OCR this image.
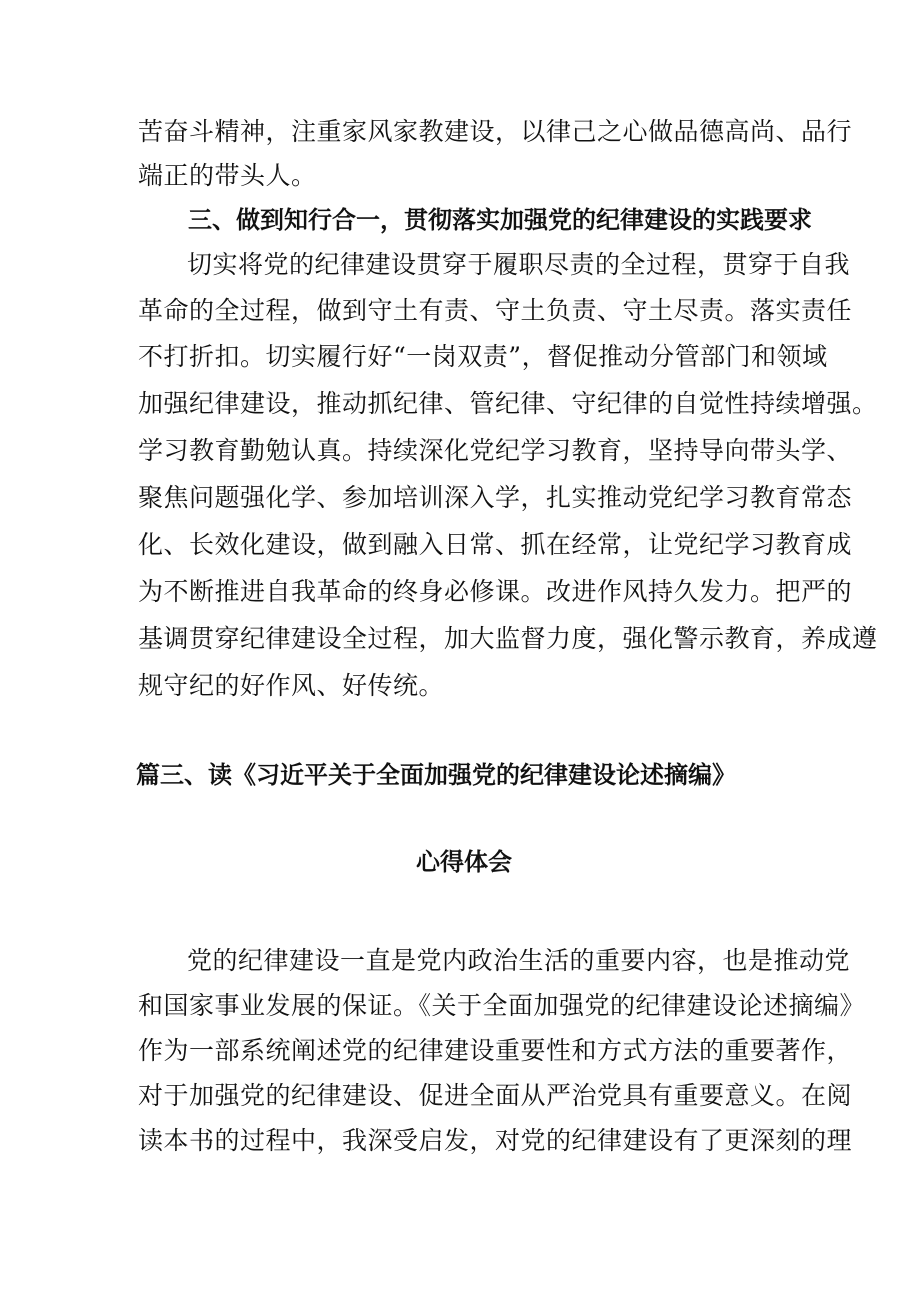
苦奋斗精神，注重家风家教建设，以律己之心做品德高尚、品行
端正的带头人。
三、做到知行合一，贯彻落实加强党的纪律建设的实践要求
切实将党的纪律建设贯穿于履职尽责的全过程，贯穿于自我
革命的全过程，做到守土有责、守土负责、守土尽责。落实责任
不打折扣。切实履行好“一岗双责”，督促推动分管部门和领域
加强纪律建设，推动抓纪律、管纪律、守纪律的自觉性持续增强。
学习教育勤勉认真。持续深化党纪学习教育，坚持导向带头学、
聚焦问题强化学、参加培训深入学，扎实推动党纪学习教育常态
化、长效化建设，做到融入日常、抓在经常，让党纪学习教育成
为不断推进自我革命的终身必修课。改进作风持久发力。把严的
基调贯穿纪律建设全过程，加大监督力度，强化警示教育，养成遵
规守纪的好作风、好传统。
篇三、读《习近平关于全面加强党的纪律建设论述摘编》
心得体会
党的纪律建设一直是党内政治生活的重要内容，也是推动党
和国家事业发展的保证。《关于全面加强党的纪律建设论述摘编》
作为一部系统阐述党的纪律建设重要性和方式方法的重要著作，
对于加强党的纪律建设、促进全面从严治党具有重要意义。在阅
读本书的过程中，我深受启发，对党的纪律建设有了更深刻的理
